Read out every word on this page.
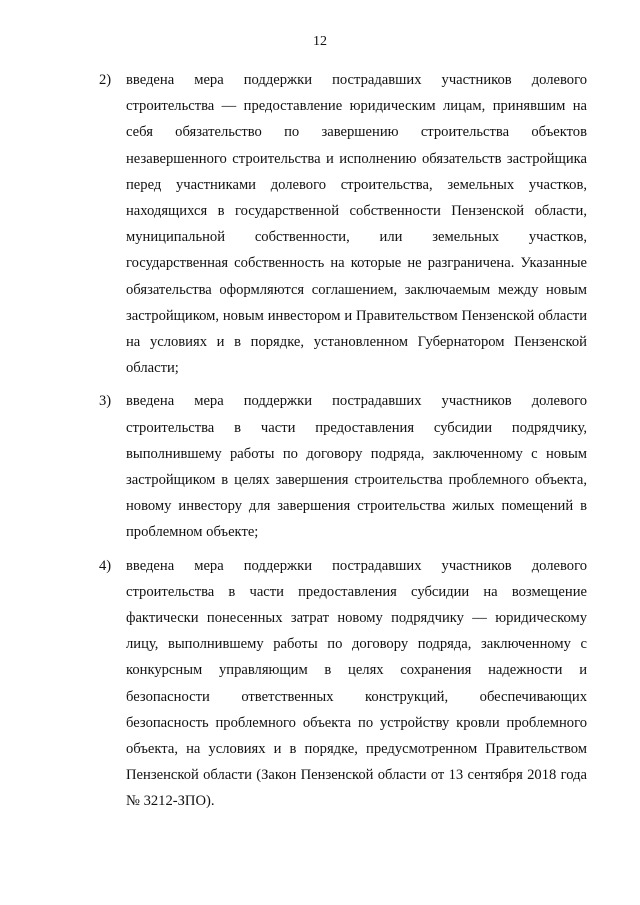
12
2) введена мера поддержки пострадавших участников долевого строительства — предоставление юридическим лицам, принявшим на себя обязательство по завершению строительства объектов незавершенного строительства и исполнению обязательств застройщика перед участниками долевого строительства, земельных участков, находящихся в государственной собственности Пензенской области, муниципальной собственности, или земельных участков, государственная собственность на которые не разграничена. Указанные обязательства оформляются соглашением, заключаемым между новым застройщиком, новым инвестором и Правительством Пензенской области на условиях и в порядке, установленном Губернатором Пензенской области;
3) введена мера поддержки пострадавших участников долевого строительства в части предоставления субсидии подрядчику, выполнившему работы по договору подряда, заключенному с новым застройщиком в целях завершения строительства проблемного объекта, новому инвестору для завершения строительства жилых помещений в проблемном объекте;
4) введена мера поддержки пострадавших участников долевого строительства в части предоставления субсидии на возмещение фактически понесенных затрат новому подрядчику — юридическому лицу, выполнившему работы по договору подряда, заключенному с конкурсным управляющим в целях сохранения надежности и безопасности ответственных конструкций, обеспечивающих безопасность проблемного объекта по устройству кровли проблемного объекта, на условиях и в порядке, предусмотренном Правительством Пензенской области (Закон Пензенской области от 13 сентября 2018 года № 3212-ЗПО).
